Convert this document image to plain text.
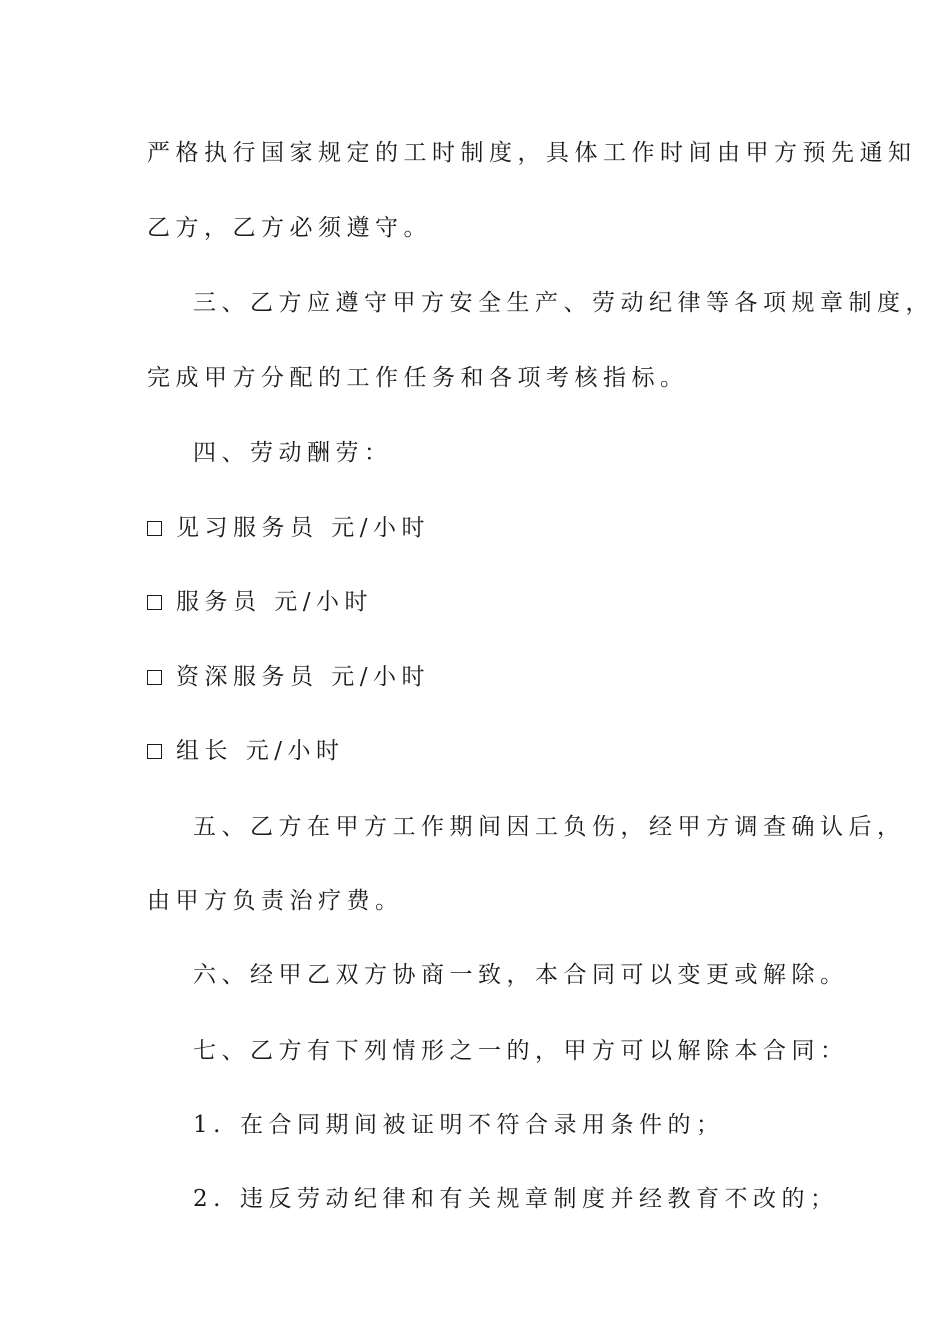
严格执行国家规定的工时制度，具体工作时间由甲方预先通知
乙方，乙方必须遵守。
三、乙方应遵守甲方安全生产、劳动纪律等各项规章制度，
完成甲方分配的工作任务和各项考核指标。
四、劳动酬劳：
见习服务员 元/小时
服务员 元/小时
资深服务员 元/小时
组长 元/小时
五、乙方在甲方工作期间因工负伤，经甲方调查确认后，
由甲方负责治疗费。
六、经甲乙双方协商一致，本合同可以变更或解除。
七、乙方有下列情形之一的，甲方可以解除本合同：
1. 在合同期间被证明不符合录用条件的；
2. 违反劳动纪律和有关规章制度并经教育不改的；
